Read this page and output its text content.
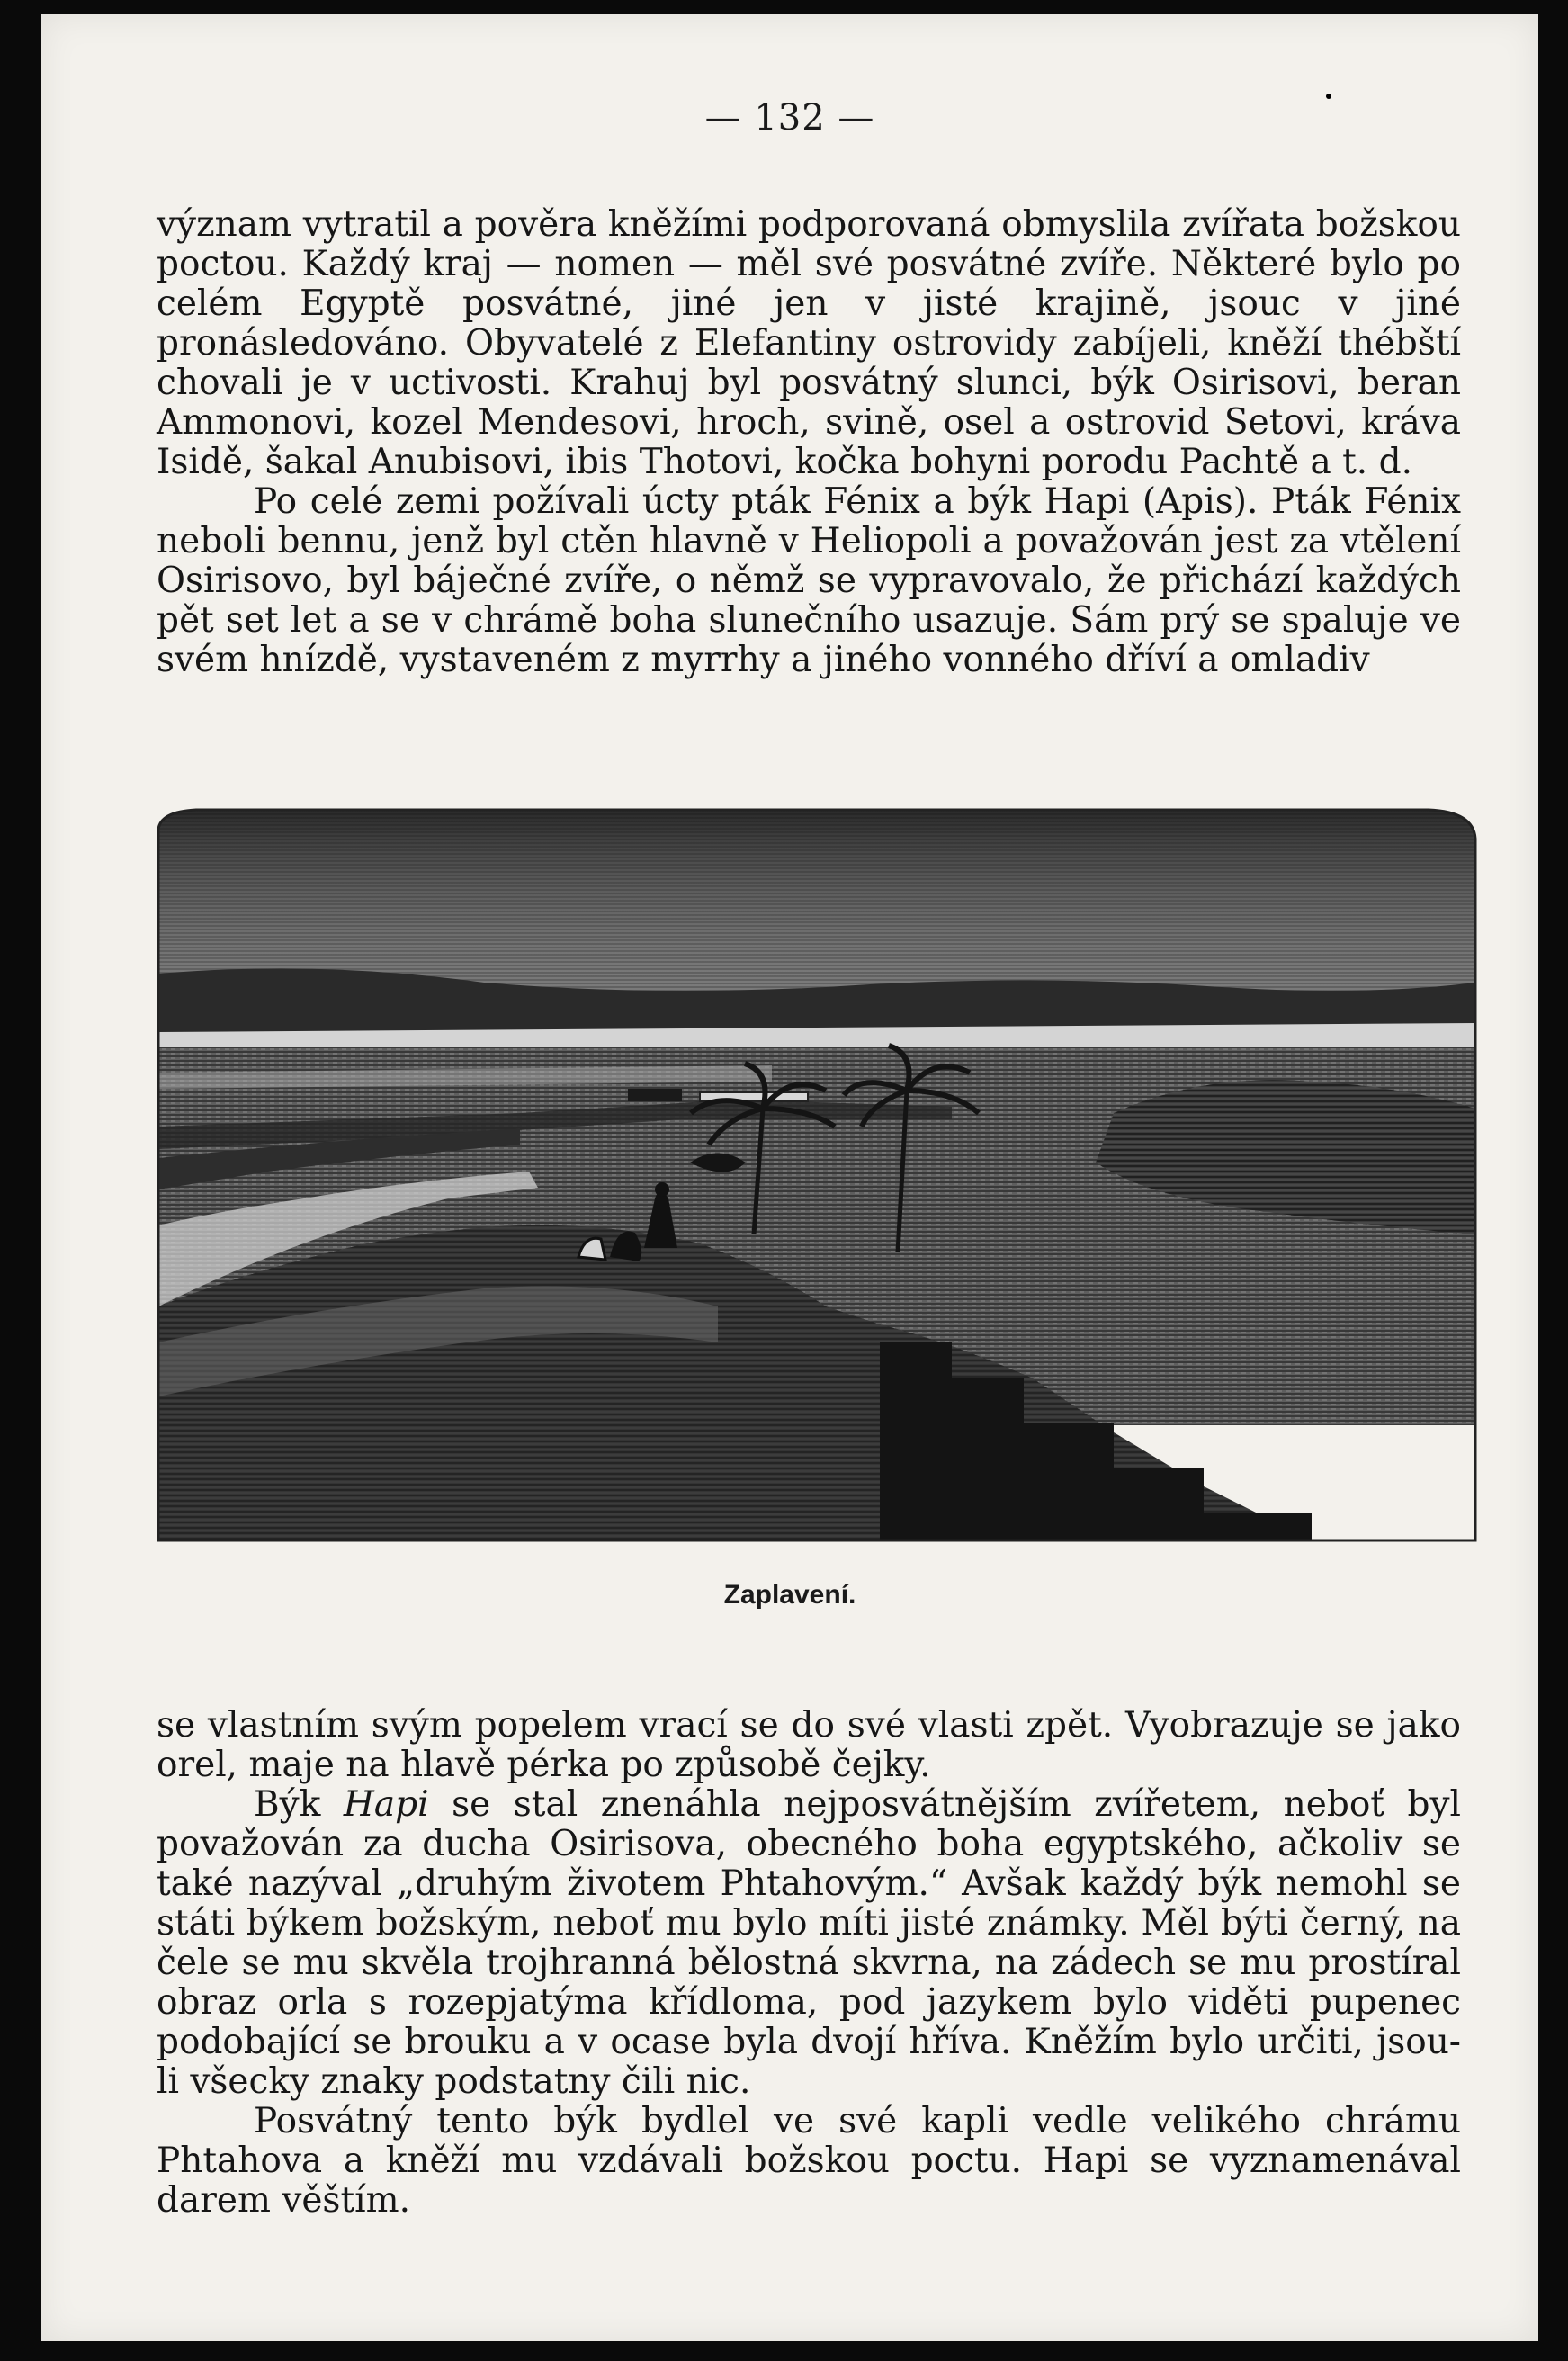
— 132 —

význam vytratil a pověra kněžími podporovaná obmyslila zvířata božskou poctou. Každý kraj — nomen — měl své posvátné zvíře. Některé bylo po celém Egyptě posvátné, jiné jen v jisté krajině, jsouc v jiné pronásledováno. Obyvatelé z Elefantiny ostrovidy zabíjeli, kněží thébští chovali je v uctivosti. Krahuj byl posvátný slunci, býk Osirisovi, beran Ammonovi, kozel Mendesovi, hroch, svině, osel a ostrovid Setovi, kráva Isidě, šakal Anubisovi, ibis Thotovi, kočka bohyni porodu Pachtě a t. d.

Po celé zemi požívali úcty pták Fénix a býk Hapi (Apis). Pták Fénix neboli bennu, jenž byl ctěn hlavně v Heliopoli a považován jest za vtělení Osirisovo, byl báječné zvíře, o němž se vypravovalo, že přichází každých pět set let a se v chrámě boha slunečního usazuje. Sám prý se spaluje ve svém hnízdě, vystaveném z myrrhy a jiného vonného dříví a omladiv

Zaplavení.

se vlastním svým popelem vrací se do své vlasti zpět. Vyobrazuje se jako orel, maje na hlavě pérka po způsobě čejky.

Býk Hapi se stal znenáhla nejposvátnějším zvířetem, neboť byl považován za ducha Osirisova, obecného boha egyptského, ačkoliv se také nazýval „druhým životem Phtahovým.“ Avšak každý býk nemohl se státi býkem božským, neboť mu bylo míti jisté známky. Měl býti černý, na čele se mu skvěla trojhranná bělostná skvrna, na zádech se mu prostíral obraz orla s rozepjatýma křídloma, pod jazykem bylo viděti pupenec podobající se brouku a v ocase byla dvojí hříva. Kněžím bylo určiti, jsou-li všecky znaky podstatny čili nic.

Posvátný tento býk bydlel ve své kapli vedle velikého chrámu Phtahova a kněží mu vzdávali božskou poctu. Hapi se vyznamenával darem věštím.
